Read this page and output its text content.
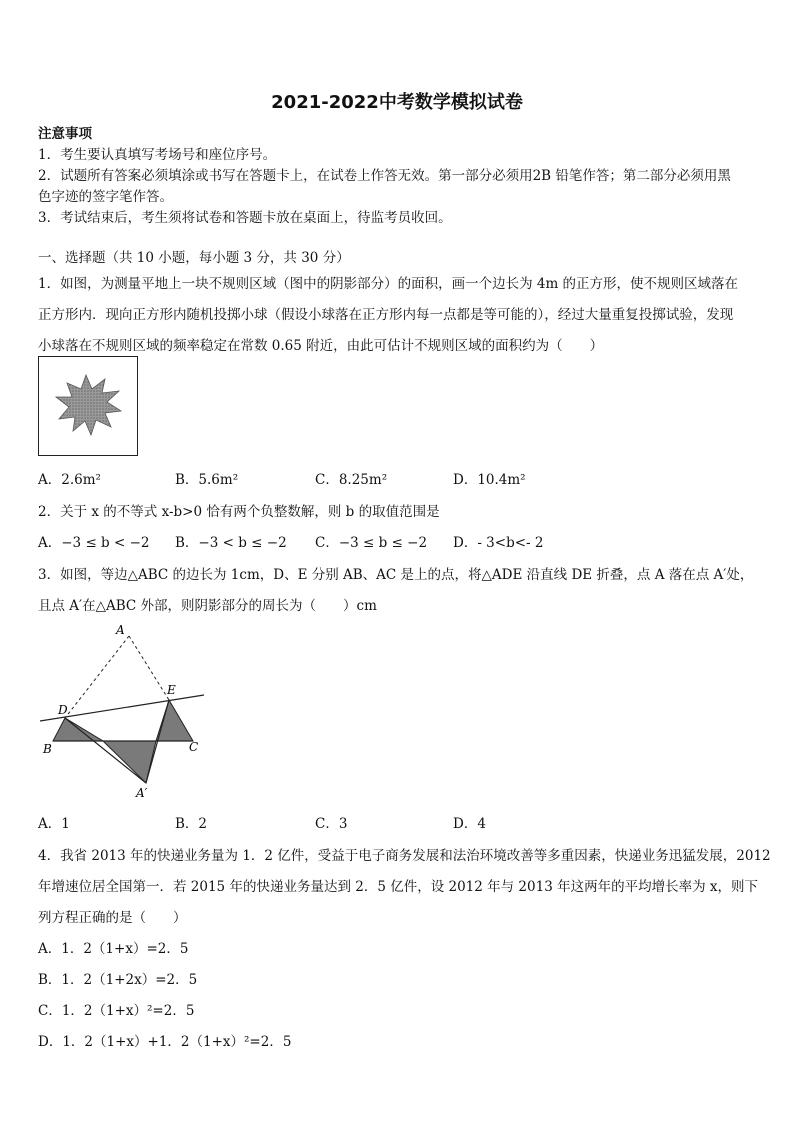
2021-2022中考数学模拟试卷
注意事项
1．考生要认真填写考场号和座位序号。
2．试题所有答案必须填涂或书写在答题卡上，在试卷上作答无效。第一部分必须用2B 铅笔作答；第二部分必须用黑
色字迹的签字笔作答。
3．考试结束后，考生须将试卷和答题卡放在桌面上，待监考员收回。
一、选择题（共 10 小题，每小题 3 分，共 30 分）
1．如图，为测量平地上一块不规则区域（图中的阴影部分）的面积，画一个边长为 4m 的正方形，使不规则区域落在
正方形内．现向正方形内随机投掷小球（假设小球落在正方形内每一点都是等可能的），经过大量重复投掷试验，发现
小球落在不规则区域的频率稳定在常数 0.65 附近，由此可估计不规则区域的面积约为（　　）
A．2.6m²	B．5.6m²	C．8.25m²	D．10.4m²
2．关于 x 的不等式 x-b>0 恰有两个负整数解，则 b 的取值范围是
A．−3 ≤ b < −2 B．−3 < b ≤ −2 C．−3 ≤ b ≤ −2 D．- 3<b<- 2
3．如图，等边△ABC 的边长为 1cm，D、E 分别 AB、AC 是上的点，将△ADE 沿直线 DE 折叠，点 A 落在点 A′处，
且点 A′在△ABC 外部，则阴影部分的周长为（　　）cm
A
D
E
B	C
A′
A．1	B．2	C．3	D．4
4．我省 2013 年的快递业务量为 1．2 亿件，受益于电子商务发展和法治环境改善等多重因素，快递业务迅猛发展，2012
年增速位居全国第一．若 2015 年的快递业务量达到 2．5 亿件，设 2012 年与 2013 年这两年的平均增长率为 x，则下
列方程正确的是（　　）
A．1．2（1+x）=2．5
B．1．2（1+2x）=2．5
C．1．2（1+x）²=2．5
D．1．2（1+x）+1．2（1+x）²=2．5
